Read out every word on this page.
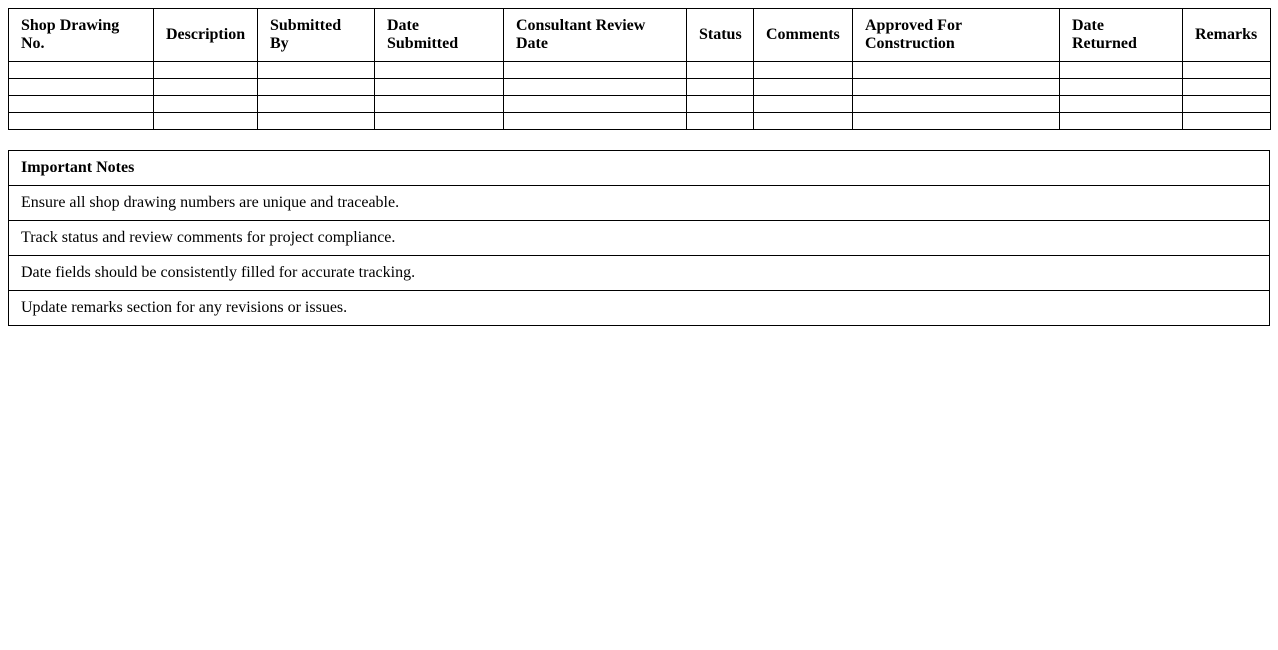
Shop Drawing No.	Description	Submitted By	Date Submitted	Consultant Review Date	Status	Comments	Approved For Construction	Date Returned	Remarks

Important Notes
Ensure all shop drawing numbers are unique and traceable.
Track status and review comments for project compliance.
Date fields should be consistently filled for accurate tracking.
Update remarks section for any revisions or issues.
